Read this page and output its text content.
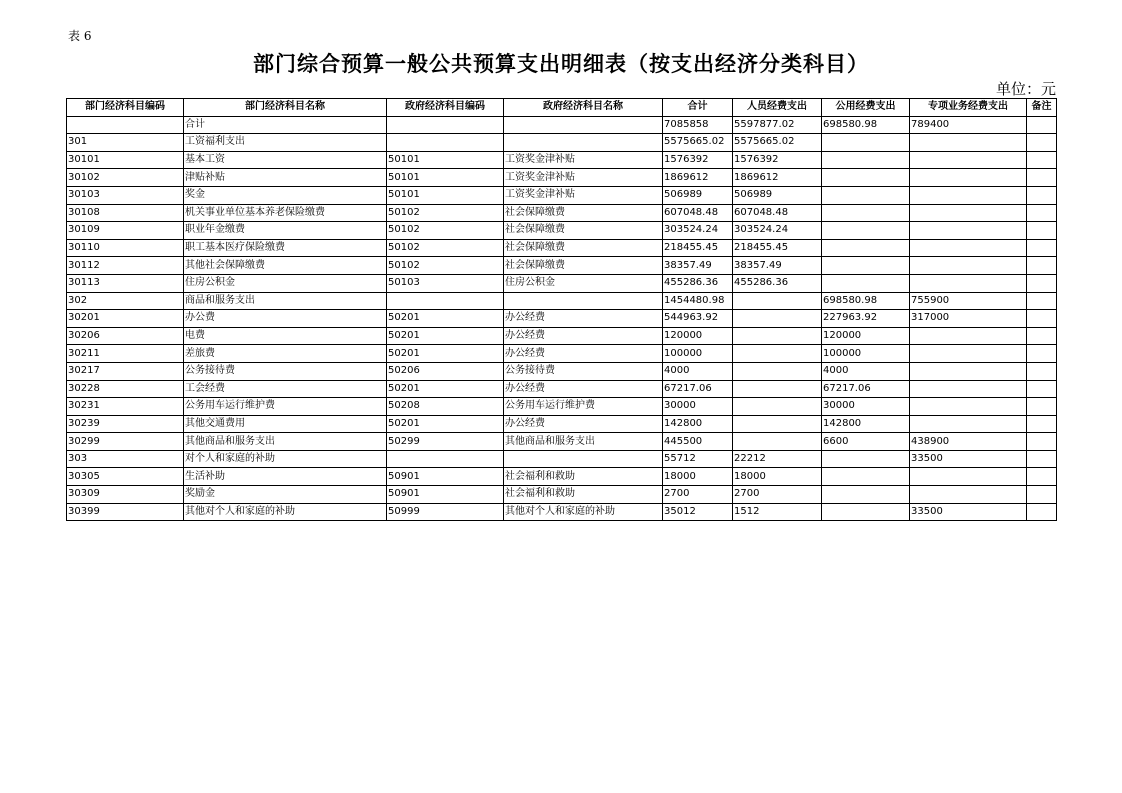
表 6
部门综合预算一般公共预算支出明细表（按支出经济分类科目）
单位：元
部门经济科目编码	部门经济科目名称	政府经济科目编码	政府经济科目名称	合计	人员经费支出	公用经费支出	专项业务经费支出	备注
	合计			7085858	5597877.02	698580.98	789400	
301	工资福利支出			5575665.02	5575665.02			
30101	基本工资	50101	工资奖金津补贴	1576392	1576392			
30102	津贴补贴	50101	工资奖金津补贴	1869612	1869612			
30103	奖金	50101	工资奖金津补贴	506989	506989			
30108	机关事业单位基本养老保险缴费	50102	社会保障缴费	607048.48	607048.48			
30109	职业年金缴费	50102	社会保障缴费	303524.24	303524.24			
30110	职工基本医疗保险缴费	50102	社会保障缴费	218455.45	218455.45			
30112	其他社会保障缴费	50102	社会保障缴费	38357.49	38357.49			
30113	住房公积金	50103	住房公积金	455286.36	455286.36			
302	商品和服务支出			1454480.98		698580.98	755900	
30201	办公费	50201	办公经费	544963.92		227963.92	317000	
30206	电费	50201	办公经费	120000		120000		
30211	差旅费	50201	办公经费	100000		100000		
30217	公务接待费	50206	公务接待费	4000		4000		
30228	工会经费	50201	办公经费	67217.06		67217.06		
30231	公务用车运行维护费	50208	公务用车运行维护费	30000		30000		
30239	其他交通费用	50201	办公经费	142800		142800		
30299	其他商品和服务支出	50299	其他商品和服务支出	445500		6600	438900	
303	对个人和家庭的补助			55712	22212		33500	
30305	生活补助	50901	社会福利和救助	18000	18000			
30309	奖励金	50901	社会福利和救助	2700	2700			
30399	其他对个人和家庭的补助	50999	其他对个人和家庭的补助	35012	1512		33500	
